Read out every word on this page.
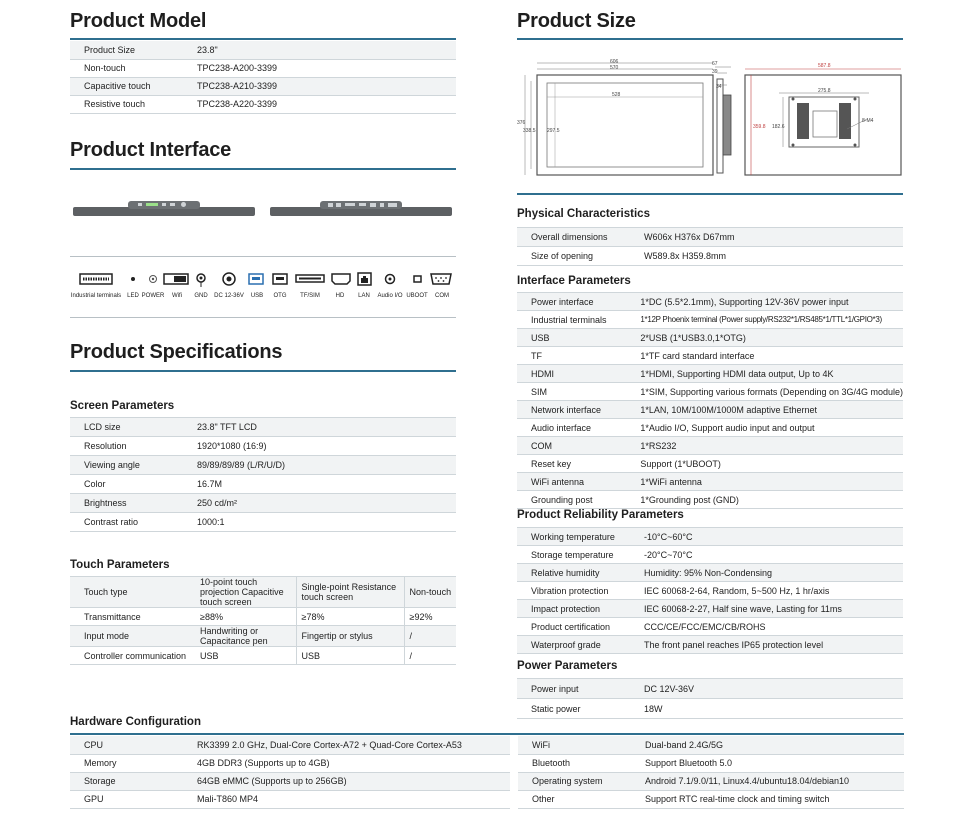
Product Model
Product Size	23.8"
Non-touch	TPC238-A200-3399
Capacitive touch	TPC238-A210-3399
Resistive touch	TPC238-A220-3399
Product Interface
Industrial terminals LED POWER	Wifi	GND	DC 12-36V	USB	OTG	TF/SIM	HD	LAN	Audio I/O UBOOT	COM
Product Specifications
Screen Parameters
LCD size	23.8" TFT LCD
Resolution	1920*1080 (16:9)
Viewing angle	89/89/89/89 (L/R/U/D)
Color	16.7M
Brightness	250 cd/m²
Contrast ratio	1000:1
Touch Parameters
Touch type	10-point touch projection Capacitive touch screen	Single-point Resistance touch screen	Non-touch
Transmittance	≥88%	≥78%	≥92%
Input mode	Handwriting or Capacitance pen	Fingertip or stylus	/
Controller communication	USB	USB	/
Hardware Configuration
CPU	RK3399 2.0 GHz, Dual-Core Cortex-A72 + Quad-Core Cortex-A53
Memory	4GB DDR3 (Supports up to 4GB)
Storage	64GB eMMC (Supports up to 256GB)
GPU	Mali-T860 MP4
WiFi	Dual-band 2.4G/5G
Bluetooth	Support Bluetooth 5.0
Operating system	Android 7.1/9.0/11, Linux4.4/ubuntu18.04/debian10
Other	Support RTC real-time clock and timing switch
Product Size
606
570
528
376
338.5 297.5
67
39
34
587.8
275.8
359.8 182.6
8-M4
Physical Characteristics
Overall dimensions	W606x H376x D67mm
Size of opening	W589.8x H359.8mm
Interface Parameters
Power interface	1*DC (5.5*2.1mm), Supporting 12V-36V power input
Industrial terminals	1*12P Phoenix terminal (Power supply/RS232*1/RS485*1/TTL*1/GPIO*3)
USB	2*USB (1*USB3.0,1*OTG)
TF	1*TF card standard interface
HDMI	1*HDMI, Supporting HDMI data output, Up to 4K
SIM	1*SIM, Supporting various formats (Depending on 3G/4G module)
Network interface	1*LAN, 10M/100M/1000M adaptive Ethernet
Audio interface	1*Audio I/O, Support audio input and output
COM	1*RS232
Reset key	Support (1*UBOOT)
WiFi antenna	1*WiFi antenna
Grounding post	1*Grounding post (GND)
Product Reliability Parameters
Working temperature	-10°C~60°C
Storage temperature	-20°C~70°C
Relative humidity	Humidity: 95% Non-Condensing
Vibration protection	IEC 60068-2-64, Random, 5~500 Hz, 1 hr/axis
Impact protection	IEC 60068-2-27, Half sine wave, Lasting for 11ms
Product certification	CCC/CE/FCC/EMC/CB/ROHS
Waterproof grade	The front panel reaches IP65 protection level
Power Parameters
Power input	DC 12V-36V
Static power	18W
